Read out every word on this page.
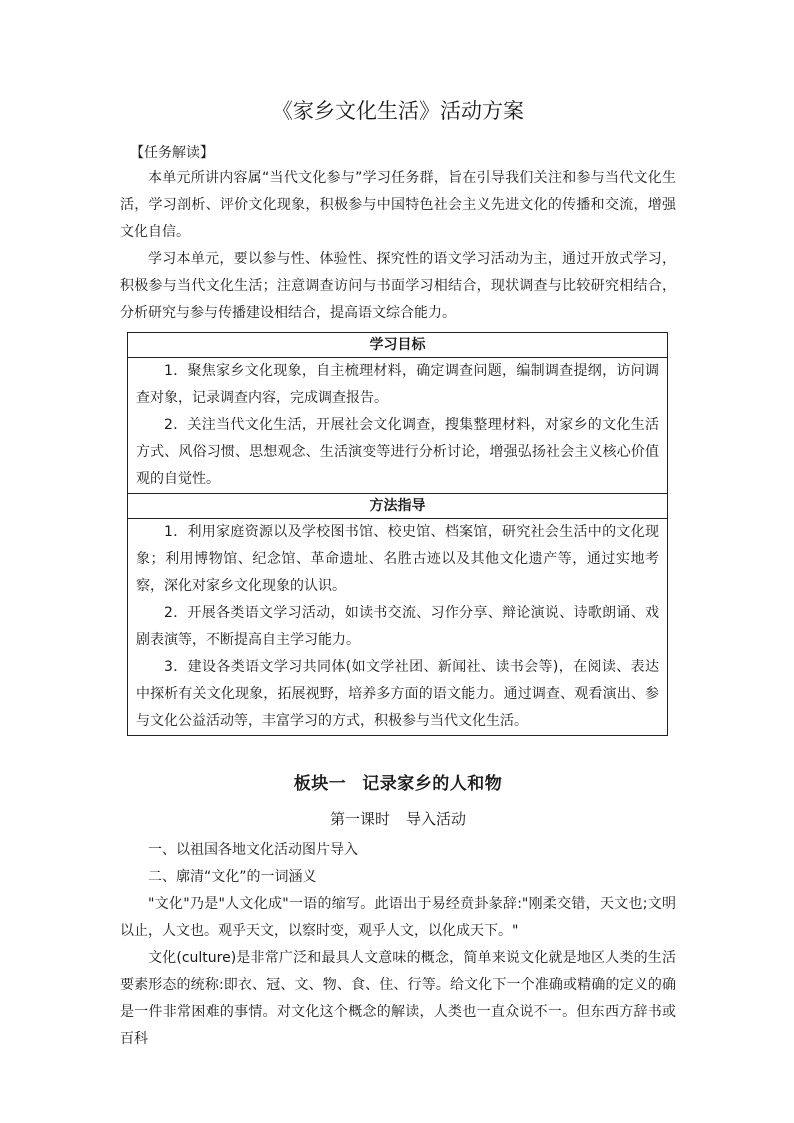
《家乡文化生活》活动方案
【任务解读】

本单元所讲内容属“当代文化参与”学习任务群，旨在引导我们关注和参与当代文化生活，学习剖析、评价文化现象，积极参与中国特色社会主义先进文化的传播和交流，增强文化自信。

学习本单元，要以参与性、体验性、探究性的语文学习活动为主，通过开放式学习，积极参与当代文化生活；注意调查访问与书面学习相结合，现状调查与比较研究相结合，分析研究与参与传播建设相结合，提高语文综合能力。

学习目标

1．聚焦家乡文化现象，自主梳理材料，确定调查问题，编制调查提纲，访问调查对象，记录调查内容，完成调查报告。

2．关注当代文化生活，开展社会文化调查，搜集整理材料，对家乡的文化生活方式、风俗习惯、思想观念、生活演变等进行分析讨论，增强弘扬社会主义核心价值观的自觉性。

方法指导

1．利用家庭资源以及学校图书馆、校史馆、档案馆，研究社会生活中的文化现象；利用博物馆、纪念馆、革命遗址、名胜古迹以及其他文化遗产等，通过实地考察，深化对家乡文化现象的认识。

2．开展各类语文学习活动，如读书交流、习作分享、辩论演说、诗歌朗诵、戏剧表演等，不断提高自主学习能力。

3．建设各类语文学习共同体(如文学社团、新闻社、读书会等)，在阅读、表达中探析有关文化现象，拓展视野，培养多方面的语文能力。通过调查、观看演出、参与文化公益活动等，丰富学习的方式，积极参与当代文化生活。

板块一 记录家乡的人和物
第一课时 导入活动

一、以祖国各地文化活动图片导入

二、廓清“文化”的一词涵义

"文化"乃是"人文化成"一语的缩写。此语出于易经贲卦彖辞:"刚柔交错，天文也;文明以止，人文也。观乎天文，以察时变，观乎人文，以化成天下。"

文化(culture)是非常广泛和最具人文意味的概念，简单来说文化就是地区人类的生活要素形态的统称:即衣、冠、文、物、食、住、行等。给文化下一个准确或精确的定义的确是一件非常困难的事情。对文化这个概念的解读，人类也一直众说不一。但东西方辞书或百科
